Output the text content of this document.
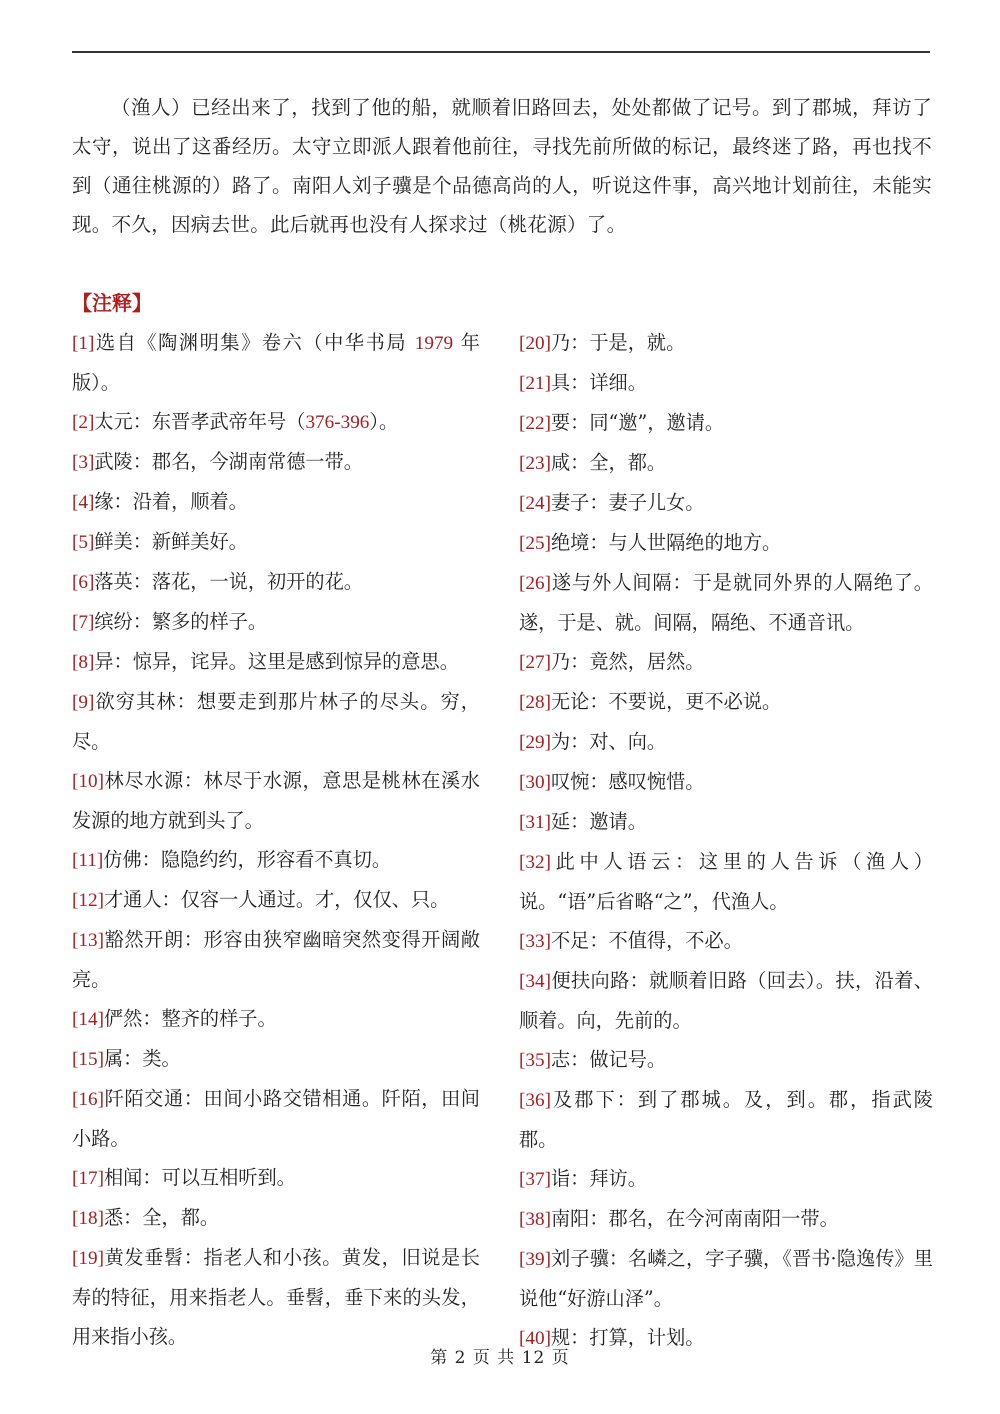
（渔人）已经出来了，找到了他的船，就顺着旧路回去，处处都做了记号。到了郡城，拜访了太守，说出了这番经历。太守立即派人跟着他前往，寻找先前所做的标记，最终迷了路，再也找不到（通往桃源的）路了。南阳人刘子骥是个品德高尚的人，听说这件事，高兴地计划前往，未能实现。不久，因病去世。此后就再也没有人探求过（桃花源）了。

【注释】
[1]选自《陶渊明集》卷六（中华书局 1979 年版）。
[2]太元：东晋孝武帝年号（376-396）。
[3]武陵：郡名，今湖南常德一带。
[4]缘：沿着，顺着。
[5]鲜美：新鲜美好。
[6]落英：落花，一说，初开的花。
[7]缤纷：繁多的样子。
[8]异：惊异，诧异。这里是感到惊异的意思。
[9]欲穷其林：想要走到那片林子的尽头。穷，尽。
[10]林尽水源：林尽于水源，意思是桃林在溪水发源的地方就到头了。
[11]仿佛：隐隐约约，形容看不真切。
[12]才通人：仅容一人通过。才，仅仅、只。
[13]豁然开朗：形容由狭窄幽暗突然变得开阔敞亮。
[14]俨然：整齐的样子。
[15]属：类。
[16]阡陌交通：田间小路交错相通。阡陌，田间小路。
[17]相闻：可以互相听到。
[18]悉：全，都。
[19]黄发垂髫：指老人和小孩。黄发，旧说是长寿的特征，用来指老人。垂髫，垂下来的头发，用来指小孩。
[20]乃：于是，就。
[21]具：详细。
[22]要：同“邀”，邀请。
[23]咸：全，都。
[24]妻子：妻子儿女。
[25]绝境：与人世隔绝的地方。
[26]遂与外人间隔：于是就同外界的人隔绝了。遂，于是、就。间隔，隔绝、不通音讯。
[27]乃：竟然，居然。
[28]无论：不要说，更不必说。
[29]为：对、向。
[30]叹惋：感叹惋惜。
[31]延：邀请。
[32]此中人语云：这里的人告诉（渔人）说。“语”后省略“之”，代渔人。
[33]不足：不值得，不必。
[34]便扶向路：就顺着旧路（回去）。扶，沿着、顺着。向，先前的。
[35]志：做记号。
[36]及郡下：到了郡城。及，到。郡，指武陵郡。
[37]诣：拜访。
[38]南阳：郡名，在今河南南阳一带。
[39]刘子骥：名嶙之，字子骥，《晋书·隐逸传》里说他“好游山泽”。
[40]规：打算，计划。
第 2 页 共 12 页
